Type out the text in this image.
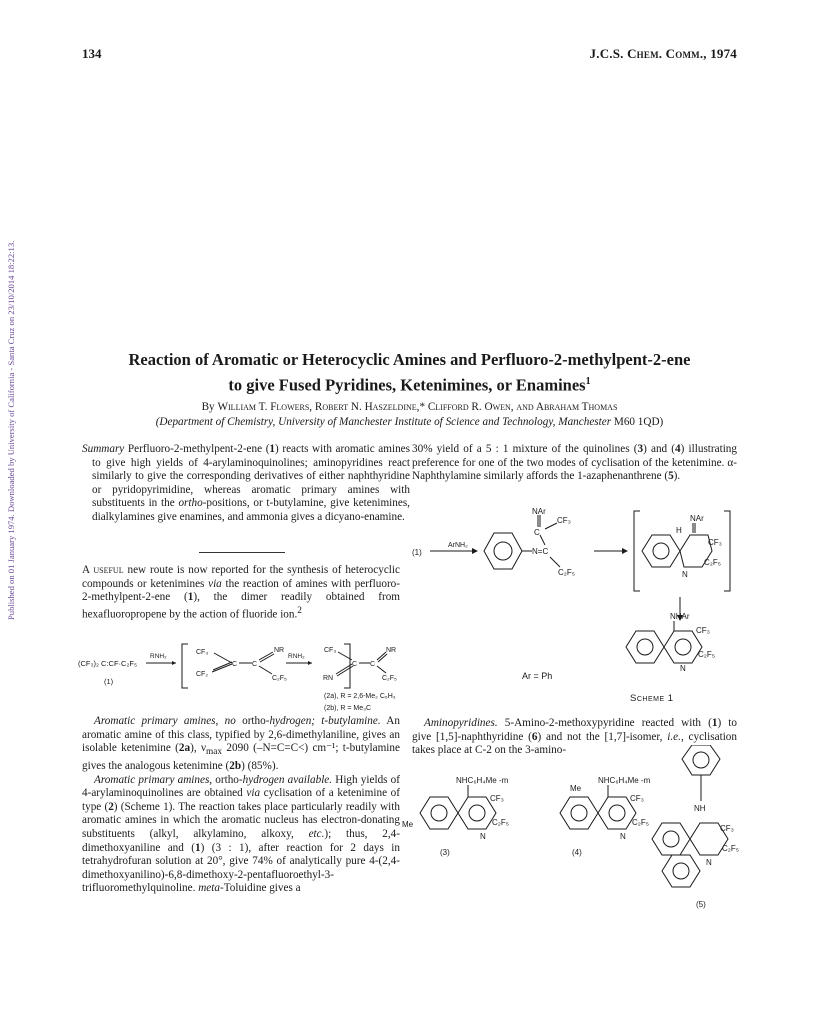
134	J.C.S. Chem. Comm., 1974
Published on 01 January 1974. Downloaded by University of California - Santa Cruz on 23/10/2014 18:22:13.	Reaction of Aromatic or Heterocyclic Amines and Perfluoro-2-methylpent-2-ene
to give Fused Pyridines, Ketenimines, or Enamines$^1$
By William T. Flowers, Robert N. Haszeldine,* Clifford R. Owen, and Abraham Thomas
(Department of Chemistry, University of Manchester Institute of Science and Technology, Manchester M60 1QD)

Summary Perfluoro-2-methylpent-2-ene (1) reacts with aromatic amines to give high yields of 4-arylaminoquinolines; aminopyridines react similarly to give the corresponding derivatives of either naphthyridine or pyridopyrimidine, whereas aromatic primary amines with substituents in the ortho-positions, or t-butylamine, give ketenimines, dialkylamines give enamines, and ammonia gives a dicyano-enamine.

A useful new route is now reported for the synthesis of heterocyclic compounds or ketenimines via the reaction of amines with perfluoro-2-methylpent-2-ene (1), the dimer readily obtained from hexafluoropropene by the action of fluoride ion.$^2$

(CF₃)₂ C:CF·C₂F₅
(1)
RNH₂
CF₃
CF₂
C C
NR
C₂F₅
RNH₂
CF₃
RN
C C
NR
C₂F₅
(2a), R = 2,6-Me₂ C₆H₃
(2b), R = Me₃C

Aromatic primary amines, no ortho-hydrogen; t-butylamine. An aromatic amine of this class, typified by 2,6-dimethylaniline, gives an isolable ketenimine (2a), $\nu_{max}$ 2090 (–N=C=C<) cm⁻¹; t-butylamine gives the analogous ketenimine (2b) (85%).
Aromatic primary amines, ortho-hydrogen available. High yields of 4-arylaminoquinolines are obtained via cyclisation of a ketenimine of type (2) (Scheme 1). The reaction takes place particularly readily with aromatic amines in which the aromatic nucleus has electron-donating substituents (alkyl, alkylamino, alkoxy, etc.); thus, 2,4-dimethoxyaniline and (1) (3 : 1), after reaction for 2 days in tetrahydrofuran solution at 20°, give 74% of analytically pure 4-(2,4-dimethoxyanilino)-6,8-dimethoxy-2-pentafluoroethyl-3-trifluoromethylquinoline. meta-Toluidine gives a

30% yield of a 5 : 1 mixture of the quinolines (3) and (4) illustrating preference for one of the two modes of cyclisation of the ketenimine. α-Naphthylamine similarly affords the 1-azaphenanthrene (5).

(1)
ArNH₂
N=C
C₂F₅
C
NAr
CF₃
H
NAr
CF₃
C₂F₅
N
NHAr
CF₃
C₂F₅
N
Ar = Ph
Scheme 1

Aminopyridines. 5-Amino-2-methoxypyridine reacted with (1) to give [1,5]-naphthyridine (6) and not the [1,7]-isomer, i.e., cyclisation takes place at C-2 on the 3-amino-

NHC₆H₄Me -m
CF₃
C₂F₅
N
Me
(3)
NHC₆H₄Me -m
Me
CF₃
C₂F₅
N
(4)
NH
CF₃
C₂F₅
N
(5)
